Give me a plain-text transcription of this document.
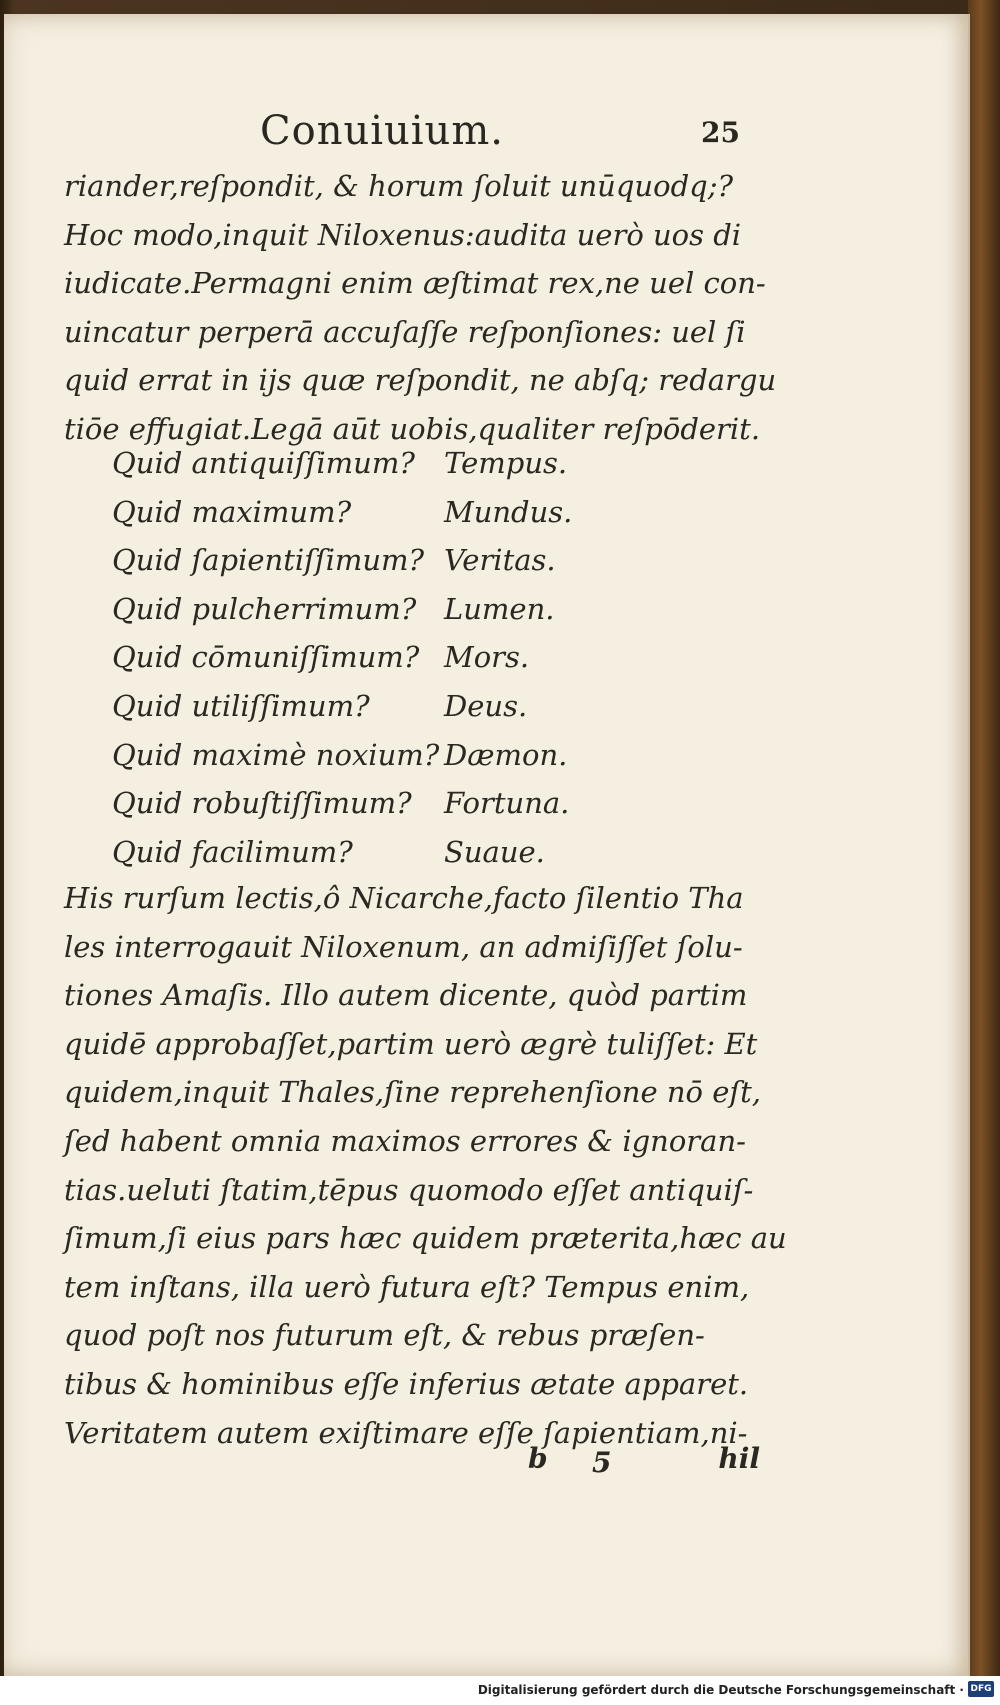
Conuiuium.	25
riander,reſpondit, & horum ſoluit unūquodq;?
Hoc modo,inquit Niloxenus:audita uerò uos di
iudicate.Permagni enim æſtimat rex,ne uel con-
uincatur perperā accuſaſſe reſponſiones: uel ſi
quid errat in ijs quæ reſpondit, ne abſq; redargu
tiōe effugiat.Legā aūt uobis,qualiter reſpōderit.
Quid antiquiſſimum? Tempus.
Quid maximum?	Mundus.
Quid ſapientiſſimum? Veritas.
Quid pulcherrimum? Lumen.
Quid cōmuniſſimum? Mors.
Quid utiliſſimum?	Deus.
Quid maximè noxium? Dæmon.
Quid robuſtiſſimum? Fortuna.
Quid facilimum?	Suaue.
His rurſum lectis,ô Nicarche,facto ſilentio Tha
les interrogauit Niloxenum, an admiſiſſet ſolu-
tiones Amaſis. Illo autem dicente, quòd partim
quidē approbaſſet,partim uerò ægrè tuliſſet: Et
quidem,inquit Thales,ſine reprehenſione nō eſt,
ſed habent omnia maximos errores & ignoran-
tias.ueluti ſtatim,tēpus quomodo eſſet antiquiſ-
ſimum,ſi eius pars hæc quidem præterita,hæc au
tem inſtans, illa uerò futura eſt? Tempus enim,
quod poſt nos futurum eſt, & rebus præſen-
tibus & hominibus eſſe inferius ætate apparet.
Veritatem autem exiſtimare eſſe ſapientiam,ni-
b 5	hil
Digitalisierung gefördert durch die Deutsche Forschungsgemeinschaft · DFG
